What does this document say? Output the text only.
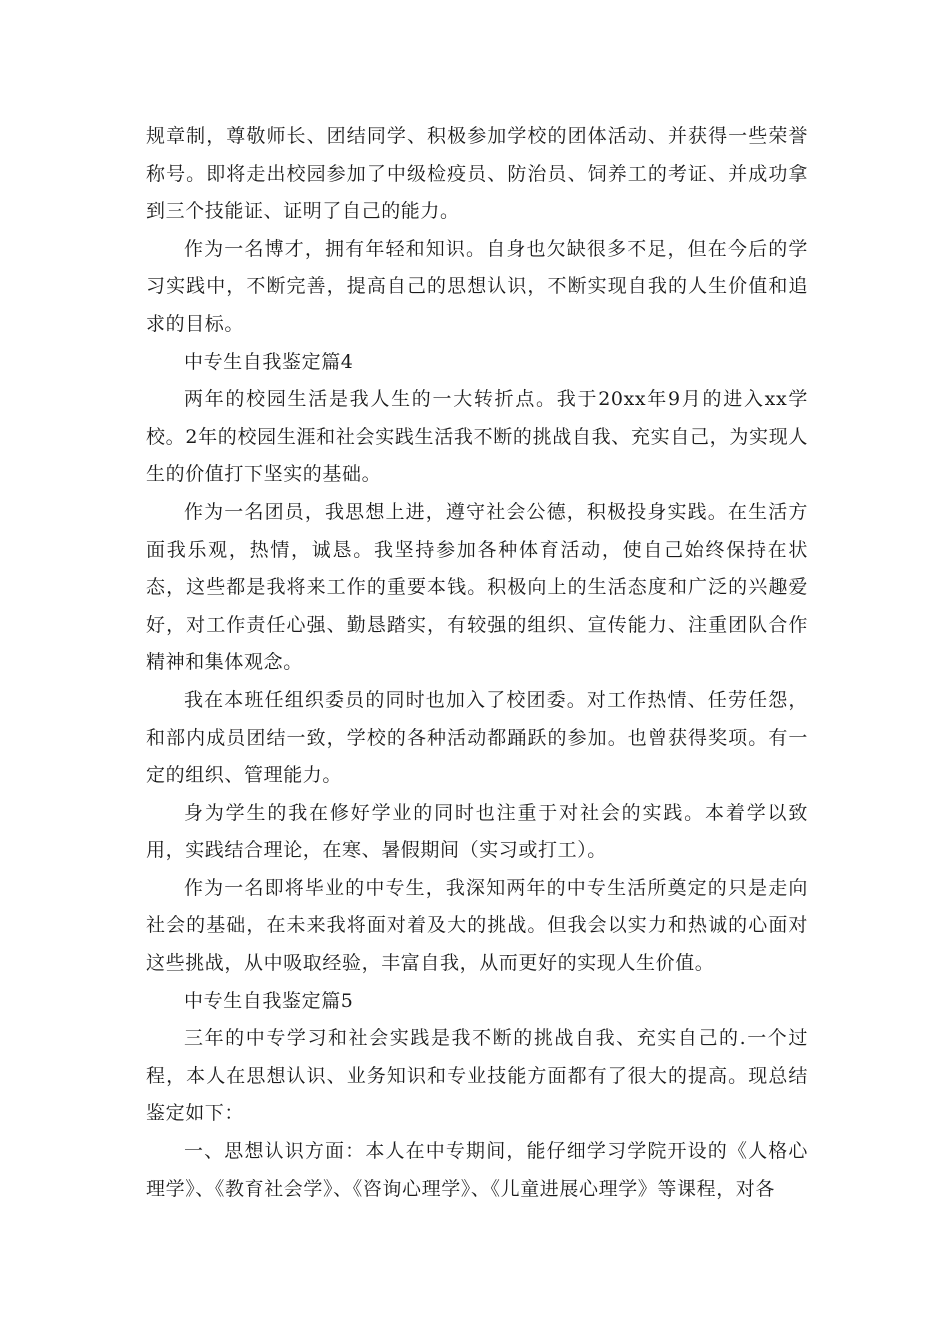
规章制，尊敬师长、团结同学、积极参加学校的团体活动、并获得一些荣誉称号。即将走出校园参加了中级检疫员、防治员、饲养工的考证、并成功拿到三个技能证、证明了自己的能力。

作为一名博才，拥有年轻和知识。自身也欠缺很多不足，但在今后的学习实践中，不断完善，提高自己的思想认识，不断实现自我的人生价值和追求的目标。

中专生自我鉴定篇4

两年的校园生活是我人生的一大转折点。我于20xx年9月的进入xx学校。2年的校园生涯和社会实践生活我不断的挑战自我、充实自己，为实现人生的价值打下坚实的基础。

作为一名团员，我思想上进，遵守社会公德，积极投身实践。在生活方面我乐观，热情，诚恳。我坚持参加各种体育活动，使自己始终保持在状态，这些都是我将来工作的重要本钱。积极向上的生活态度和广泛的兴趣爱好，对工作责任心强、勤恳踏实，有较强的组织、宣传能力、注重团队合作精神和集体观念。

我在本班任组织委员的同时也加入了校团委。对工作热情、任劳任怨，和部内成员团结一致，学校的各种活动都踊跃的参加。也曾获得奖项。有一定的组织、管理能力。

身为学生的我在修好学业的同时也注重于对社会的实践。本着学以致用，实践结合理论，在寒、暑假期间（实习或打工）。

作为一名即将毕业的中专生，我深知两年的中专生活所奠定的只是走向社会的基础，在未来我将面对着及大的挑战。但我会以实力和热诚的心面对这些挑战，从中吸取经验，丰富自我，从而更好的实现人生价值。

中专生自我鉴定篇5

三年的中专学习和社会实践是我不断的挑战自我、充实自己的.一个过程，本人在思想认识、业务知识和专业技能方面都有了很大的提高。现总结鉴定如下：

一、思想认识方面：本人在中专期间，能仔细学习学院开设的《人格心理学》、《教育社会学》、《咨询心理学》、《儿童进展心理学》等课程，对各
